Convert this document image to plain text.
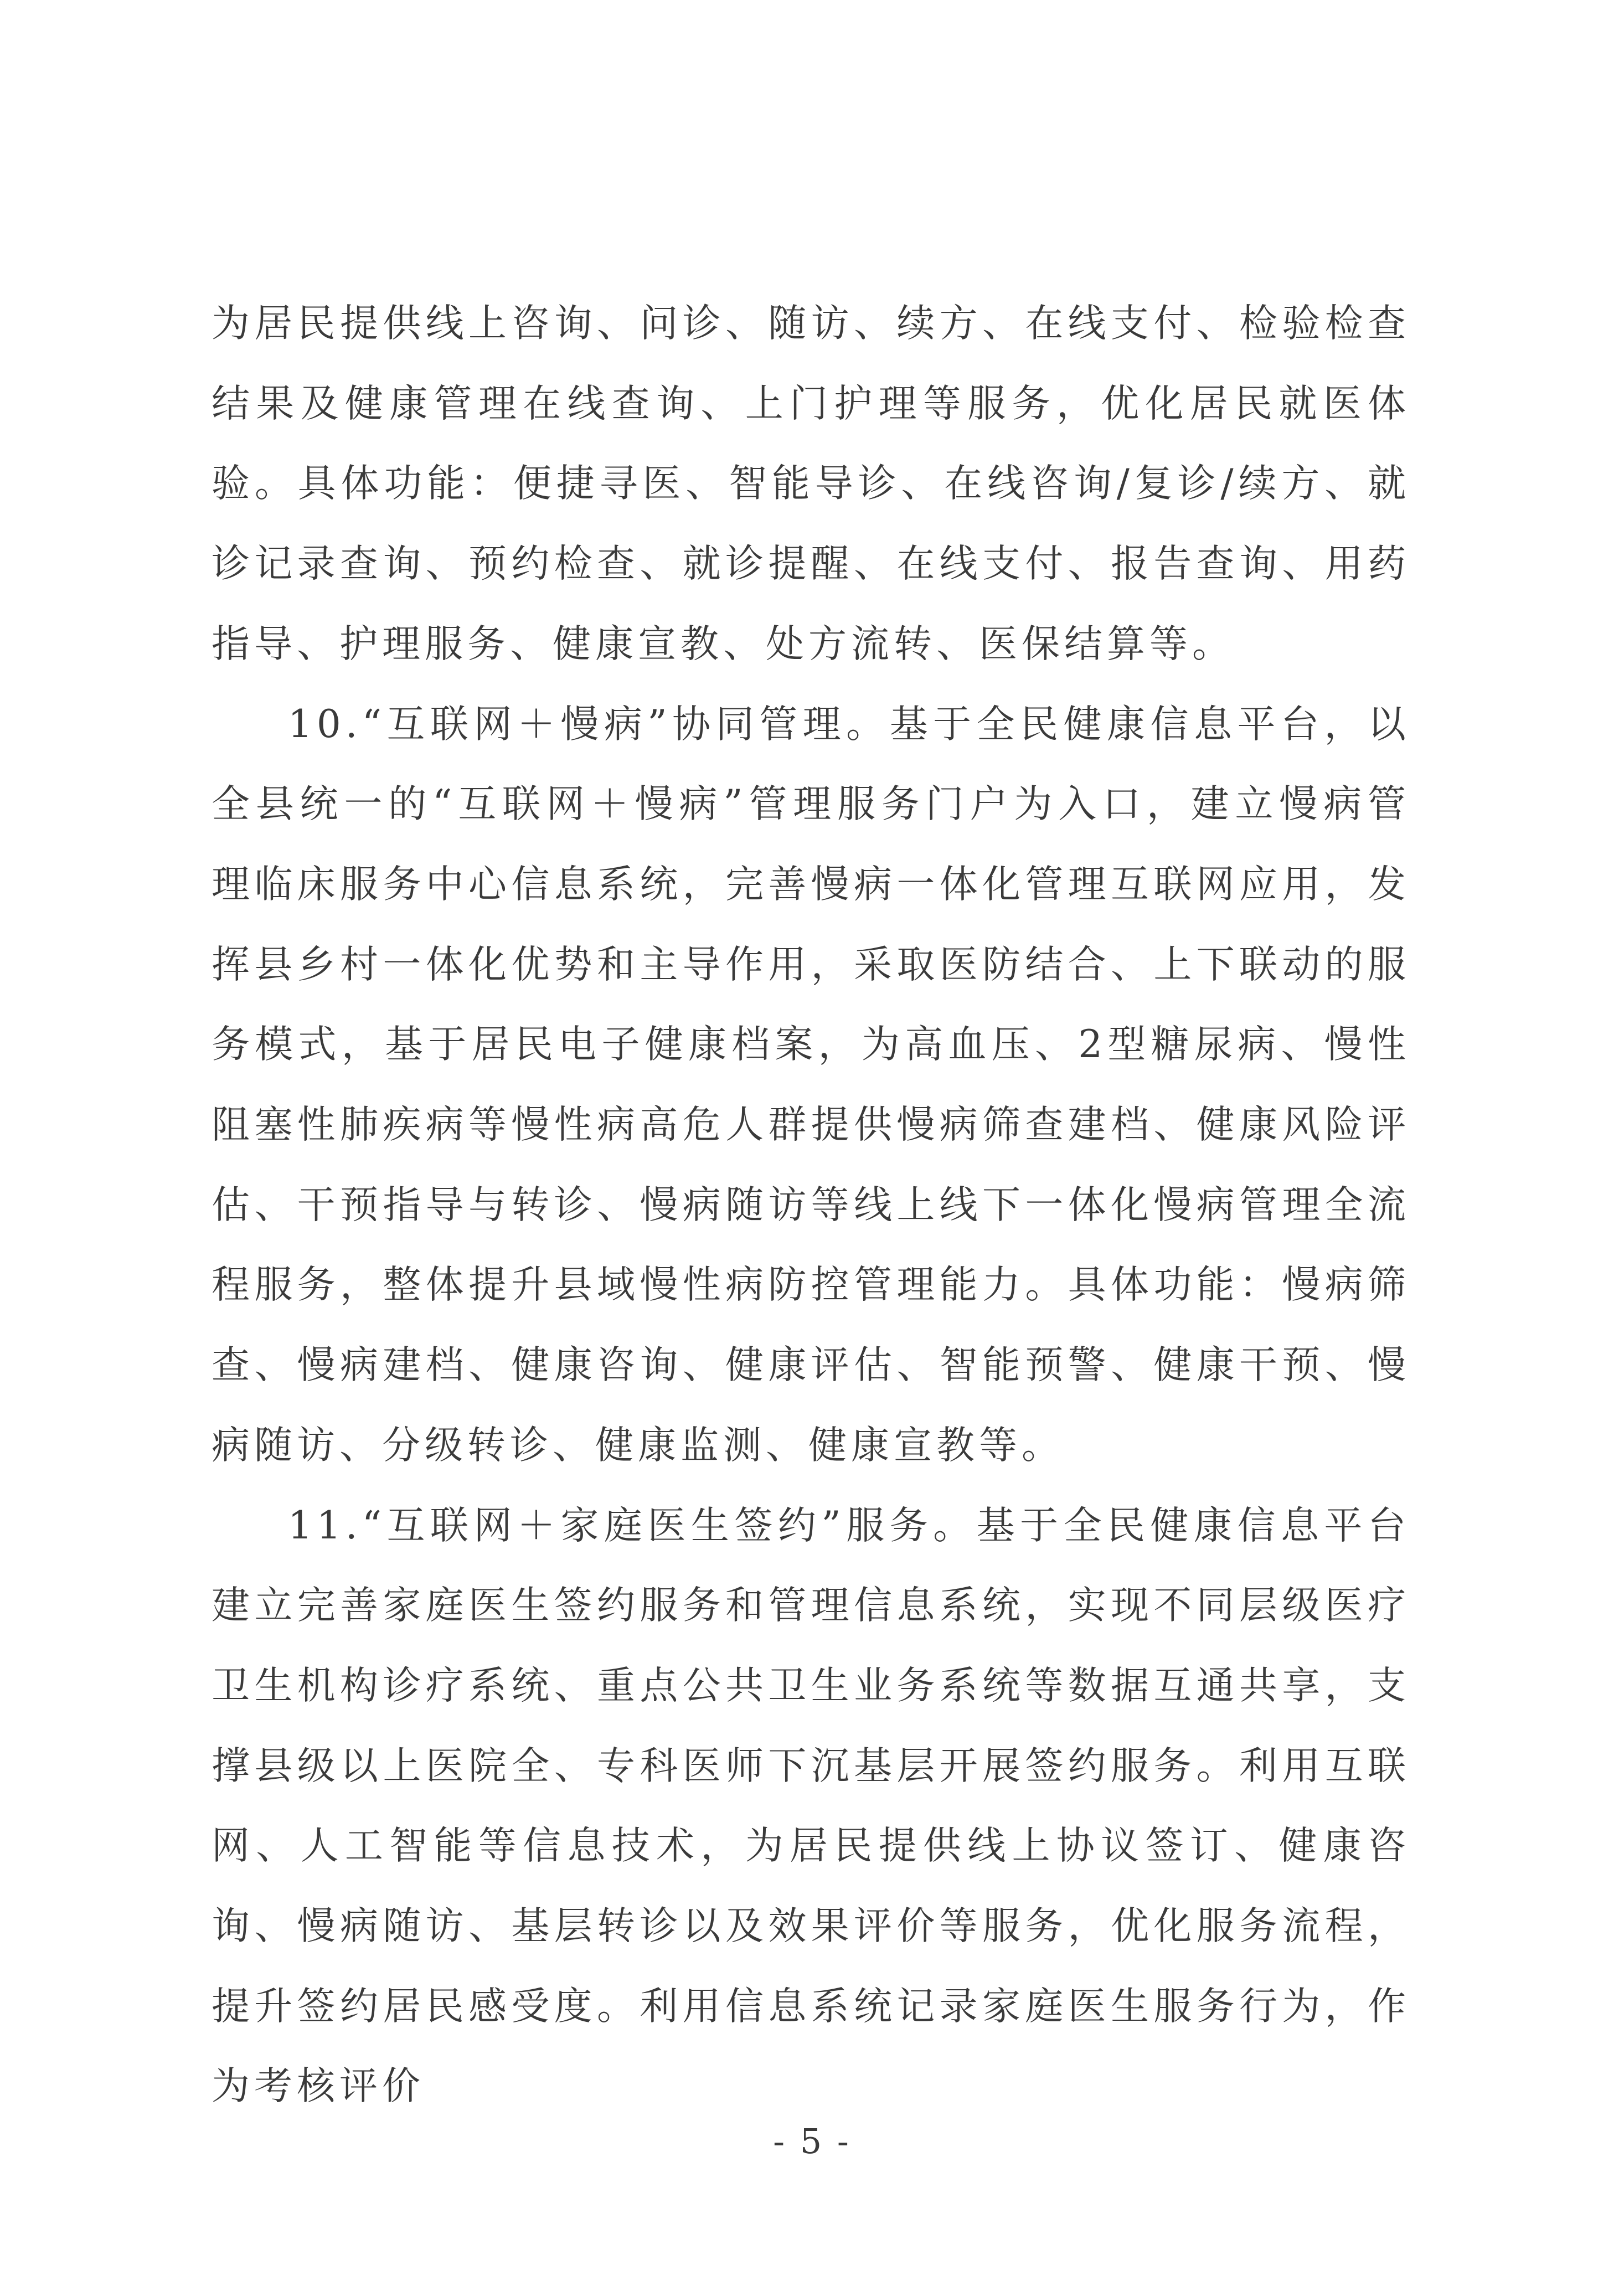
为居民提供线上咨询、问诊、随访、续方、在线支付、检验检查结果及健康管理在线查询、上门护理等服务，优化居民就医体验。具体功能：便捷寻医、智能导诊、在线咨询/复诊/续方、就诊记录查询、预约检查、就诊提醒、在线支付、报告查询、用药指导、护理服务、健康宣教、处方流转、医保结算等。

10.“互联网＋慢病”协同管理。基于全民健康信息平台，以全县统一的“互联网＋慢病”管理服务门户为入口，建立慢病管理临床服务中心信息系统，完善慢病一体化管理互联网应用，发挥县乡村一体化优势和主导作用，采取医防结合、上下联动的服务模式，基于居民电子健康档案，为高血压、2型糖尿病、慢性阻塞性肺疾病等慢性病高危人群提供慢病筛查建档、健康风险评估、干预指导与转诊、慢病随访等线上线下一体化慢病管理全流程服务，整体提升县域慢性病防控管理能力。具体功能：慢病筛查、慢病建档、健康咨询、健康评估、智能预警、健康干预、慢病随访、分级转诊、健康监测、健康宣教等。

11.“互联网＋家庭医生签约”服务。基于全民健康信息平台建立完善家庭医生签约服务和管理信息系统，实现不同层级医疗卫生机构诊疗系统、重点公共卫生业务系统等数据互通共享，支撑县级以上医院全、专科医师下沉基层开展签约服务。利用互联网、人工智能等信息技术，为居民提供线上协议签订、健康咨询、慢病随访、基层转诊以及效果评价等服务，优化服务流程，提升签约居民感受度。利用信息系统记录家庭医生服务行为，作为考核评价

- 5 -
